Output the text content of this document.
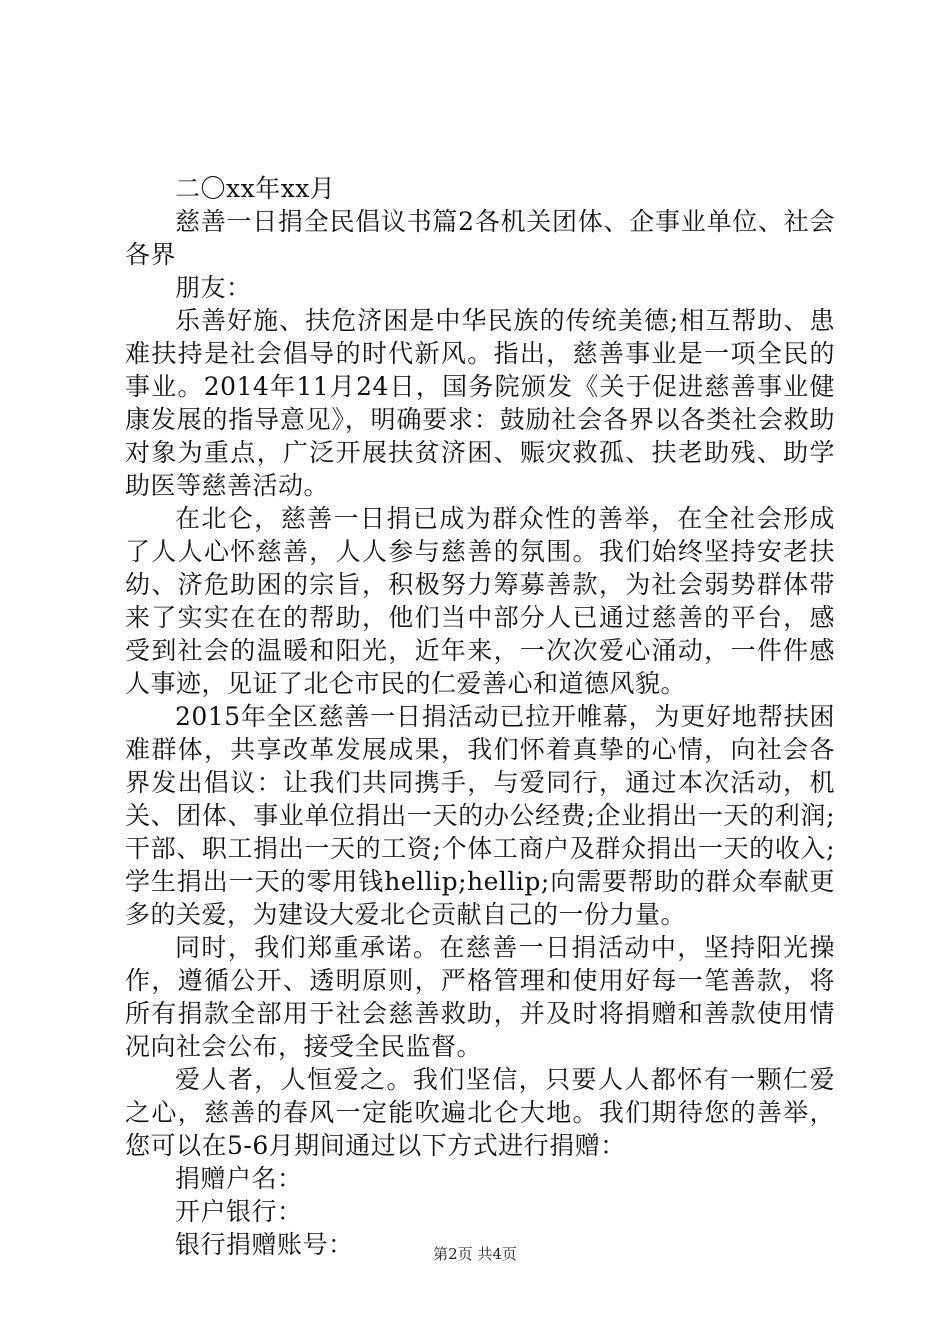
二〇xx年xx月

慈善一日捐全民倡议书篇2各机关团体、企事业单位、社会各界

朋友：

乐善好施、扶危济困是中华民族的传统美德;相互帮助、患难扶持是社会倡导的时代新风。指出，慈善事业是一项全民的事业。2014年11月24日，国务院颁发《关于促进慈善事业健康发展的指导意见》，明确要求：鼓励社会各界以各类社会救助对象为重点，广泛开展扶贫济困、赈灾救孤、扶老助残、助学助医等慈善活动。

在北仑，慈善一日捐已成为群众性的善举，在全社会形成了人人心怀慈善，人人参与慈善的氛围。我们始终坚持安老扶幼、济危助困的宗旨，积极努力筹募善款，为社会弱势群体带来了实实在在的帮助，他们当中部分人已通过慈善的平台，感受到社会的温暖和阳光，近年来，一次次爱心涌动，一件件感人事迹，见证了北仑市民的仁爱善心和道德风貌。

2015年全区慈善一日捐活动已拉开帷幕，为更好地帮扶困难群体，共享改革发展成果，我们怀着真挚的心情，向社会各界发出倡议：让我们共同携手，与爱同行，通过本次活动，机关、团体、事业单位捐出一天的办公经费;企业捐出一天的利润;干部、职工捐出一天的工资;个体工商户及群众捐出一天的收入;学生捐出一天的零用钱hellip;hellip;向需要帮助的群众奉献更多的关爱，为建设大爱北仑贡献自己的一份力量。

同时，我们郑重承诺。在慈善一日捐活动中，坚持阳光操作，遵循公开、透明原则，严格管理和使用好每一笔善款，将所有捐款全部用于社会慈善救助，并及时将捐赠和善款使用情况向社会公布，接受全民监督。

爱人者，人恒爱之。我们坚信，只要人人都怀有一颗仁爱之心，慈善的春风一定能吹遍北仑大地。我们期待您的善举，您可以在5-6月期间通过以下方式进行捐赠：

捐赠户名：

开户银行：

银行捐赠账号：	第2页 共4页
